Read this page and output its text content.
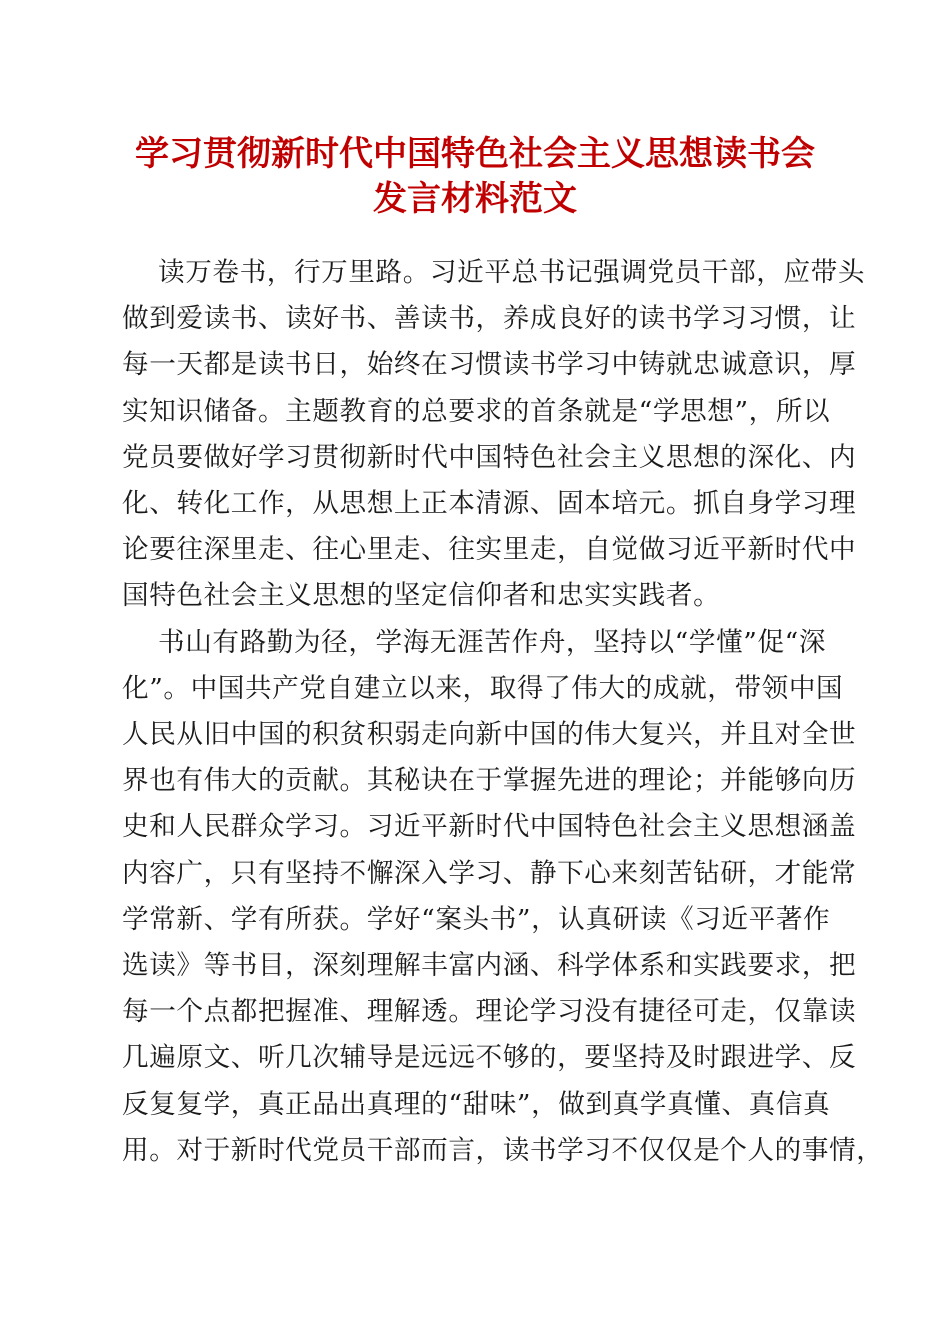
学习贯彻新时代中国特色社会主义思想读书会
发言材料范文
读万卷书，行万里路。习近平总书记强调党员干部，应带头
做到爱读书、读好书、善读书，养成良好的读书学习习惯，让
每一天都是读书日，始终在习惯读书学习中铸就忠诚意识，厚
实知识储备。主题教育的总要求的首条就是“学思想”，所以
党员要做好学习贯彻新时代中国特色社会主义思想的深化、内
化、转化工作，从思想上正本清源、固本培元。抓自身学习理
论要往深里走、往心里走、往实里走，自觉做习近平新时代中
国特色社会主义思想的坚定信仰者和忠实实践者。
书山有路勤为径，学海无涯苦作舟，坚持以“学懂”促“深
化”。中国共产党自建立以来，取得了伟大的成就，带领中国
人民从旧中国的积贫积弱走向新中国的伟大复兴，并且对全世
界也有伟大的贡献。其秘诀在于掌握先进的理论；并能够向历
史和人民群众学习。习近平新时代中国特色社会主义思想涵盖
内容广，只有坚持不懈深入学习、静下心来刻苦钻研，才能常
学常新、学有所获。学好“案头书”，认真研读《习近平著作
选读》等书目，深刻理解丰富内涵、科学体系和实践要求，把
每一个点都把握准、理解透。理论学习没有捷径可走，仅靠读
几遍原文、听几次辅导是远远不够的，要坚持及时跟进学、反
反复复学，真正品出真理的“甜味”，做到真学真懂、真信真
用。对于新时代党员干部而言，读书学习不仅仅是个人的事情，
